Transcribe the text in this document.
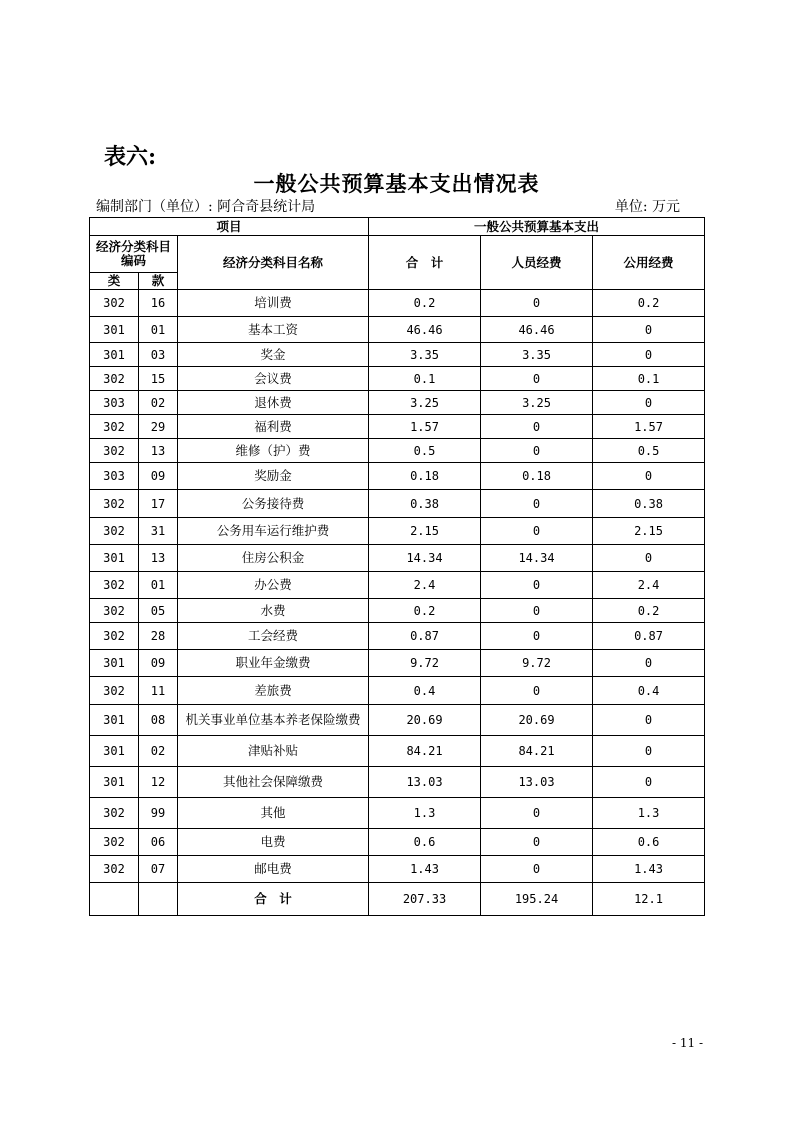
表六:
一般公共预算基本支出情况表
编制部门（单位）: 阿合奇县统计局	单位: 万元
项目			一般公共预算基本支出		
经济分类科目编码		经济分类科目名称	合　计	人员经费	公用经费
类	款				
302	16	培训费	0.2	0	0.2
301	01	基本工资	46.46	46.46	0
301	03	奖金	3.35	3.35	0
302	15	会议费	0.1	0	0.1
303	02	退休费	3.25	3.25	0
302	29	福利费	1.57	0	1.57
302	13	维修（护）费	0.5	0	0.5
303	09	奖励金	0.18	0.18	0
302	17	公务接待费	0.38	0	0.38
302	31	公务用车运行维护费	2.15	0	2.15
301	13	住房公积金	14.34	14.34	0
302	01	办公费	2.4	0	2.4
302	05	水费	0.2	0	0.2
302	28	工会经费	0.87	0	0.87
301	09	职业年金缴费	9.72	9.72	0
302	11	差旅费	0.4	0	0.4
301	08	机关事业单位基本养老保险缴费	20.69	20.69	0
301	02	津贴补贴	84.21	84.21	0
301	12	其他社会保障缴费	13.03	13.03	0
302	99	其他	1.3	0	1.3
302	06	电费	0.6	0	0.6
302	07	邮电费	1.43	0	1.43
		合　计	207.33	195.24	12.1
- 11 -
